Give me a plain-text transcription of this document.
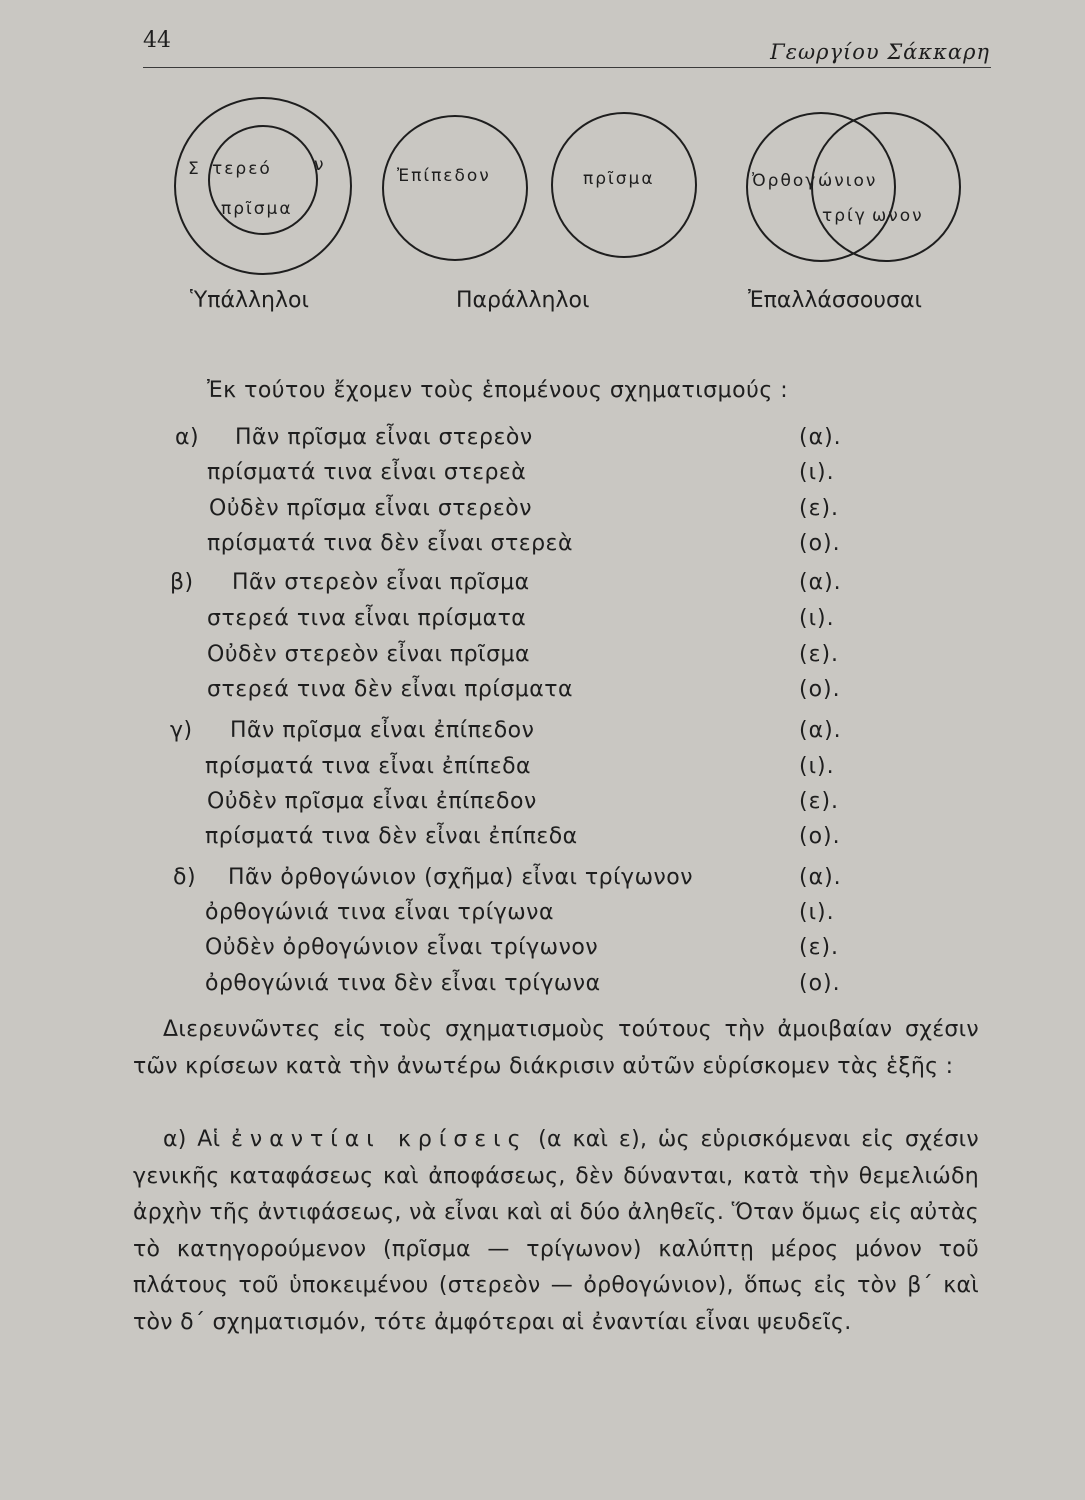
44	Γεωργίου Σάκκαρη
Σ τερεό ν
πρῖσμα
Ὑπάλληλοι
Ἐπίπεδον	πρῖσμα
Παράλληλοι
Ὀρθογ ώνιον
τρίγ ωνον
Ἐπαλλάσσουσαι
Ἐκ τούτου ἔχομεν τοὺς ἑπομένους σχηματισμούς :
α) Πᾶν πρῖσμα εἶναι στερεὸν	(α).
πρίσματά τινα εἶναι στερεὰ	(ι).
Οὐδὲν πρῖσμα εἶναι στερεὸν	(ε).
πρίσματά τινα δὲν εἶναι στερεὰ	(ο).
β) Πᾶν στερεὸν εἶναι πρῖσμα	(α).
στερεά τινα εἶναι πρίσματα	(ι).
Οὐδὲν στερεὸν εἶναι πρῖσμα	(ε).
στερεά τινα δὲν εἶναι πρίσματα	(ο).
γ) Πᾶν πρῖσμα εἶναι ἐπίπεδον	(α).
πρίσματά τινα εἶναι ἐπίπεδα	(ι).
Οὐδὲν πρῖσμα εἶναι ἐπίπεδον	(ε).
πρίσματά τινα δὲν εἶναι ἐπίπεδα	(ο).
δ) Πᾶν ὀρθογώνιον (σχῆμα) εἶναι τρίγωνον	(α).
ὀρθογώνιά τινα εἶναι τρίγωνα	(ι).
Οὐδὲν ὀρθογώνιον εἶναι τρίγωνον	(ε).
ὀρθογώνιά τινα δὲν εἶναι τρίγωνα	(ο).
Διερευνῶντες εἰς τοὺς σχηματισμοὺς τούτους τὴν ἀμοιβαίαν σχέσιν τῶν κρίσεων κατὰ τὴν ἀνωτέρω διάκρισιν αὐτῶν εὑρίσκομεν τὰς ἑξῆς :
α) Αἱ ἐναντίαι κρίσεις (α καὶ ε), ὡς εὑρισκόμεναι εἰς σχέσιν γενικῆς καταφάσεως καὶ ἀποφάσεως, δὲν δύνανται, κατὰ τὴν θεμελιώδη ἀρχὴν τῆς ἀντιφάσεως, νὰ εἶναι καὶ αἱ δύο ἀληθεῖς. Ὅταν ὅμως εἰς αὐτὰς τὸ κατηγορούμενον (πρῖσμα — τρίγωνον) καλύπτῃ μέρος μόνον τοῦ πλάτους τοῦ ὑποκειμένου (στερεὸν — ὀρθογώνιον), ὅπως εἰς τὸν β΄ καὶ τὸν δ΄ σχηματισμόν, τότε ἀμφότεραι αἱ ἐναντίαι εἶναι ψευδεῖς.
